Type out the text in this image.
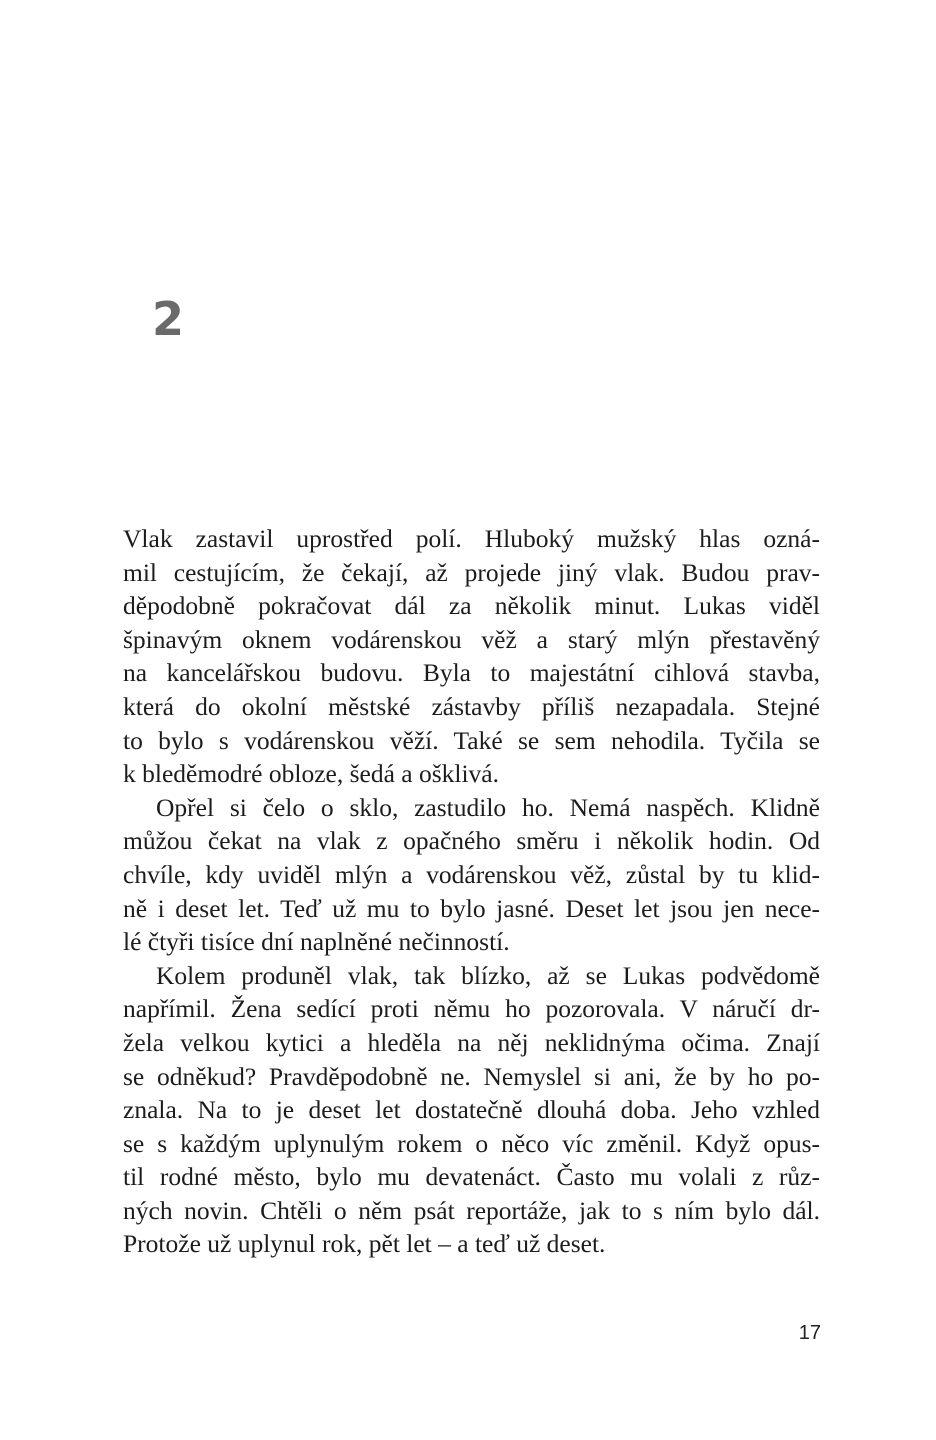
2
Vlak zastavil uprostřed polí. Hluboký mužský hlas ozná-
mil cestujícím, že čekají, až projede jiný vlak. Budou prav-
děpodobně pokračovat dál za několik minut. Lukas viděl
špinavým oknem vodárenskou věž a starý mlýn přestavěný
na kancelářskou budovu. Byla to majestátní cihlová stavba,
která do okolní městské zástavby příliš nezapadala. Stejné
to bylo s vodárenskou věží. Také se sem nehodila. Tyčila se
k bleděmodré obloze, šedá a ošklivá.
Opřel si čelo o sklo, zastudilo ho. Nemá naspěch. Klidně
můžou čekat na vlak z opačného směru i několik hodin. Od
chvíle, kdy uviděl mlýn a vodárenskou věž, zůstal by tu klid-
ně i deset let. Teď už mu to bylo jasné. Deset let jsou jen nece-
lé čtyři tisíce dní naplněné nečinností.
Kolem produněl vlak, tak blízko, až se Lukas podvědomě
napřímil. Žena sedící proti němu ho pozorovala. V náručí dr-
žela velkou kytici a hleděla na něj neklidnýma očima. Znají
se odněkud? Pravděpodobně ne. Nemyslel si ani, že by ho po-
znala. Na to je deset let dostatečně dlouhá doba. Jeho vzhled
se s každým uplynulým rokem o něco víc změnil. Když opus-
til rodné město, bylo mu devatenáct. Často mu volali z růz-
ných novin. Chtěli o něm psát reportáže, jak to s ním bylo dál.
Protože už uplynul rok, pět let – a teď už deset.
17
